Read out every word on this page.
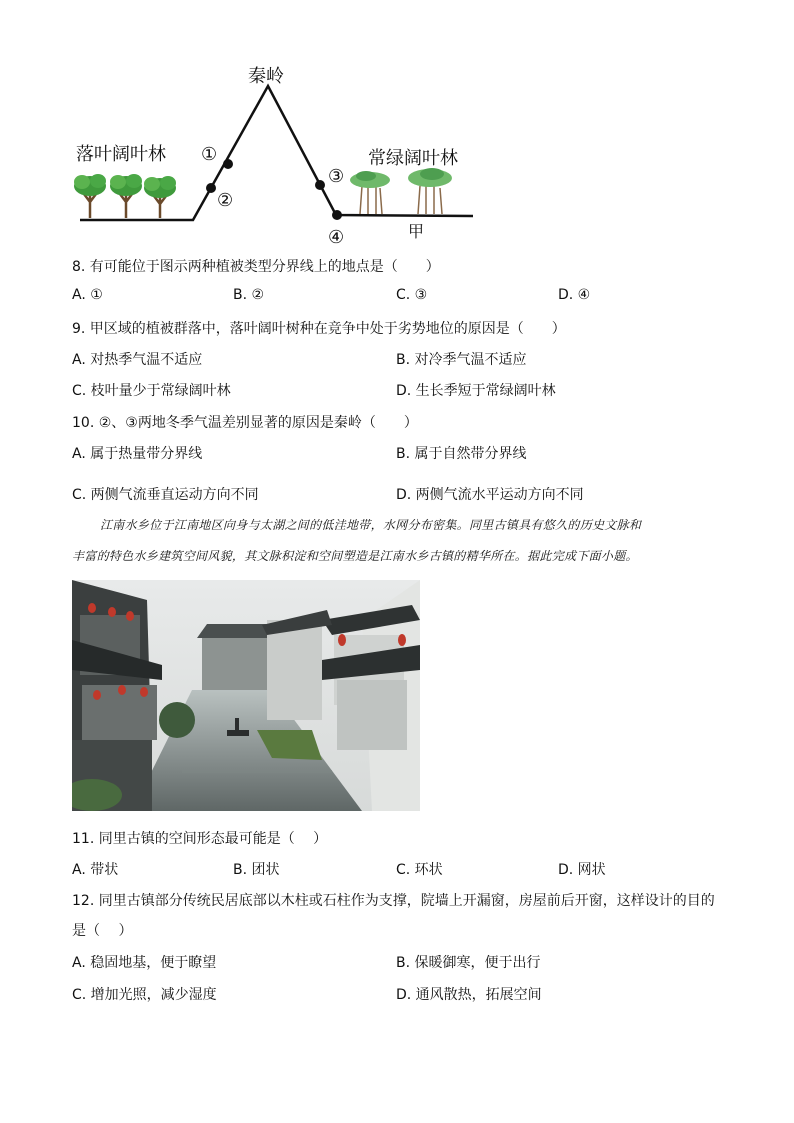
秦岭
落叶阔叶林	常绿阔叶林
甲
①
②
③
④
8. 有可能位于图示两种植被类型分界线上的地点是（　　）
A. ①	B. ②	C. ③	D. ④
9. 甲区域的植被群落中，落叶阔叶树种在竞争中处于劣势地位的原因是（　　）
A. 对热季气温不适应	B. 对冷季气温不适应
C. 枝叶量少于常绿阔叶林	D. 生长季短于常绿阔叶林
10. ②、③两地冬季气温差别显著的原因是秦岭（　　）
A. 属于热量带分界线	B. 属于自然带分界线
C. 两侧气流垂直运动方向不同	D. 两侧气流水平运动方向不同
江南水乡位于江南地区向身与太湖之间的低洼地带，水网分布密集。同里古镇具有悠久的历史文脉和
丰富的特色水乡建筑空间风貌，其文脉积淀和空间塑造是江南水乡古镇的精华所在。据此完成下面小题。
11. 同里古镇的空间形态最可能是（　 ）
A. 带状	B. 团状	C. 环状	D. 网状
12. 同里古镇部分传统民居底部以木柱或石柱作为支撑，院墙上开漏窗，房屋前后开窗，这样设计的目的
是（　 ）
A. 稳固地基，便于瞭望	B. 保暖御寒，便于出行
C. 增加光照，减少湿度	D. 通风散热，拓展空间
